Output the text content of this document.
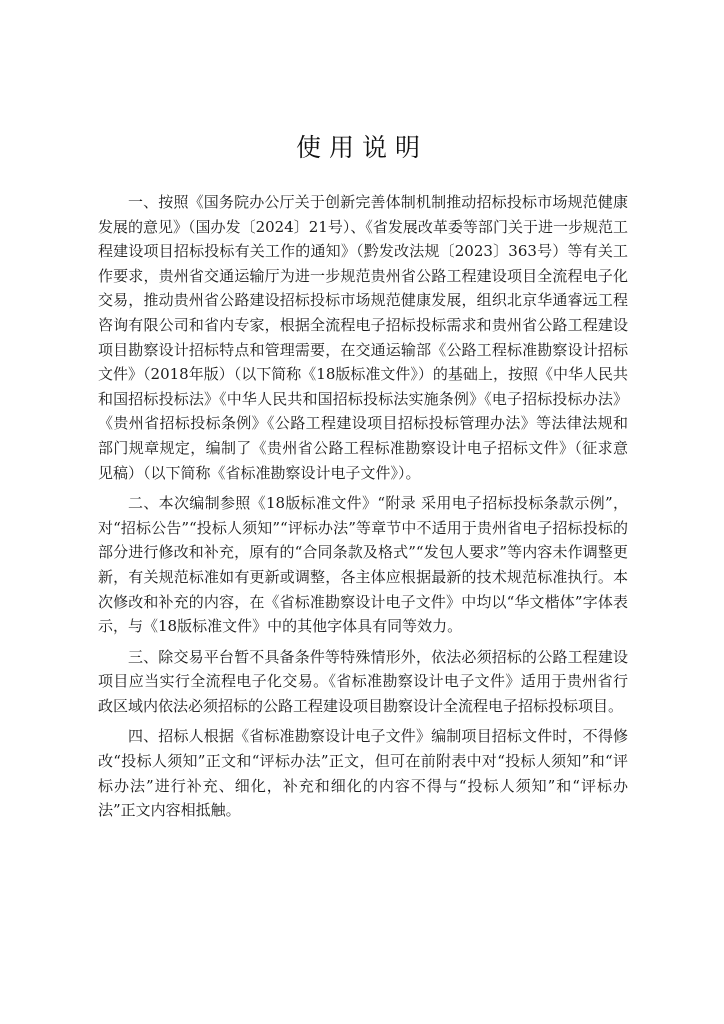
使用说明

一、按照《国务院办公厅关于创新完善体制机制推动招标投标市场规范健康发展的意见》（国办发〔2024〕21号）、《省发展改革委等部门关于进一步规范工程建设项目招标投标有关工作的通知》（黔发改法规〔2023〕363号）等有关工作要求，贵州省交通运输厅为进一步规范贵州省公路工程建设项目全流程电子化交易，推动贵州省公路建设招标投标市场规范健康发展，组织北京华通睿远工程咨询有限公司和省内专家，根据全流程电子招标投标需求和贵州省公路工程建设项目勘察设计招标特点和管理需要，在交通运输部《公路工程标准勘察设计招标文件》（2018年版）（以下简称《18版标准文件》）的基础上，按照《中华人民共和国招标投标法》《中华人民共和国招标投标法实施条例》《电子招标投标办法》《贵州省招标投标条例》《公路工程建设项目招标投标管理办法》等法律法规和部门规章规定，编制了《贵州省公路工程标准勘察设计电子招标文件》（征求意见稿）（以下简称《省标准勘察设计电子文件》）。

二、本次编制参照《18版标准文件》“附录 采用电子招标投标条款示例”，对“招标公告”“投标人须知”“评标办法”等章节中不适用于贵州省电子招标投标的部分进行修改和补充，原有的“合同条款及格式”“发包人要求”等内容未作调整更新，有关规范标准如有更新或调整，各主体应根据最新的技术规范标准执行。本次修改和补充的内容，在《省标准勘察设计电子文件》中均以“华文楷体”字体表示，与《18版标准文件》中的其他字体具有同等效力。

三、除交易平台暂不具备条件等特殊情形外，依法必须招标的公路工程建设项目应当实行全流程电子化交易。《省标准勘察设计电子文件》适用于贵州省行政区域内依法必须招标的公路工程建设项目勘察设计全流程电子招标投标项目。

四、招标人根据《省标准勘察设计电子文件》编制项目招标文件时，不得修改“投标人须知”正文和“评标办法”正文，但可在前附表中对“投标人须知”和“评标办法”进行补充、细化，补充和细化的内容不得与“投标人须知”和“评标办法”正文内容相抵触。
